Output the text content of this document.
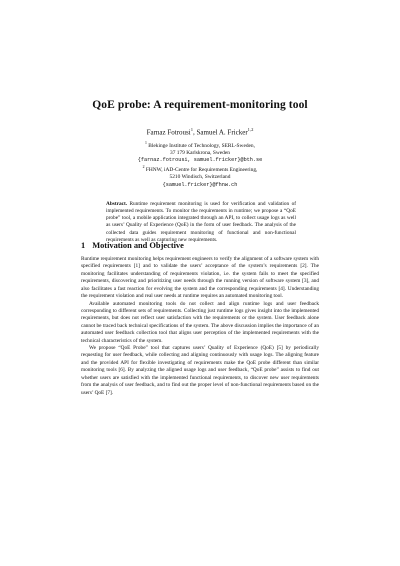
QoE probe: A requirement-monitoring tool
Farnaz Fotrousi$^1$, Samuel A. Fricker$^{1,2}$
$^1$ Blekinge Institute of Technology, SERL-Sweden,
37 179 Karlskrona, Sweden
{farnaz.fotrousi, samuel.fricker}@bth.se
$^2$ FHNW, iAD-Centre for Requirements Engineering,
5210 Windisch, Switzerland
{samuel.fricker}@fhnw.ch
Abstract. Runtime requirement monitoring is used for verification and validation of implemented requirements. To monitor the requirements in runtime; we propose a “QoE probe” tool, a mobile application integrated through an API, to collect usage logs as well as users’ Quality of Experience (QoE) in the form of user feedback. The analysis of the collected data guides requirement monitoring of functional and non-functional requirements as well as capturing new requirements.
1 Motivation and Objective

Runtime requirement monitoring helps requirement engineers to verify the alignment of a software system with specified requirements [1] and to validate the users’ acceptance of the system’s requirements [2]. The monitoring facilitates understanding of requirements violation, i.e. the system fails to meet the specified requirements, discovering and prioritizing user needs through the running version of software system [3], and also facilitates a fast reaction for evolving the system and the corresponding requirements [4]. Understanding the requirement violation and real user needs at runtime requires an automated monitoring tool.

Available automated monitoring tools do not collect and align runtime logs and user feedback corresponding to different sets of requirements. Collecting just runtime logs gives insight into the implemented requirements, but does not reflect user satisfaction with the requirements or the system. User feedback alone cannot be traced back technical specifications of the system. The above discussion implies the importance of an automated user feedback collection tool that aligns user perception of the implemented requirements with the technical characteristics of the system.

We propose “QoE Probe” tool that captures users’ Quality of Experience (QoE) [5] by periodically requesting for user feedback, while collecting and aligning continuously with usage logs. The aligning feature and the provided API for flexible investigating of requirements make the QoE probe different than similar monitoring tools [6]. By analyzing the aligned usage logs and user feedback, “QoE probe” assists to find out whether users are satisfied with the implemented functional requirements, to discover new user requirements from the analysis of user feedback, and to find out the proper level of non-functional requirements based on the users’ QoE [7].
